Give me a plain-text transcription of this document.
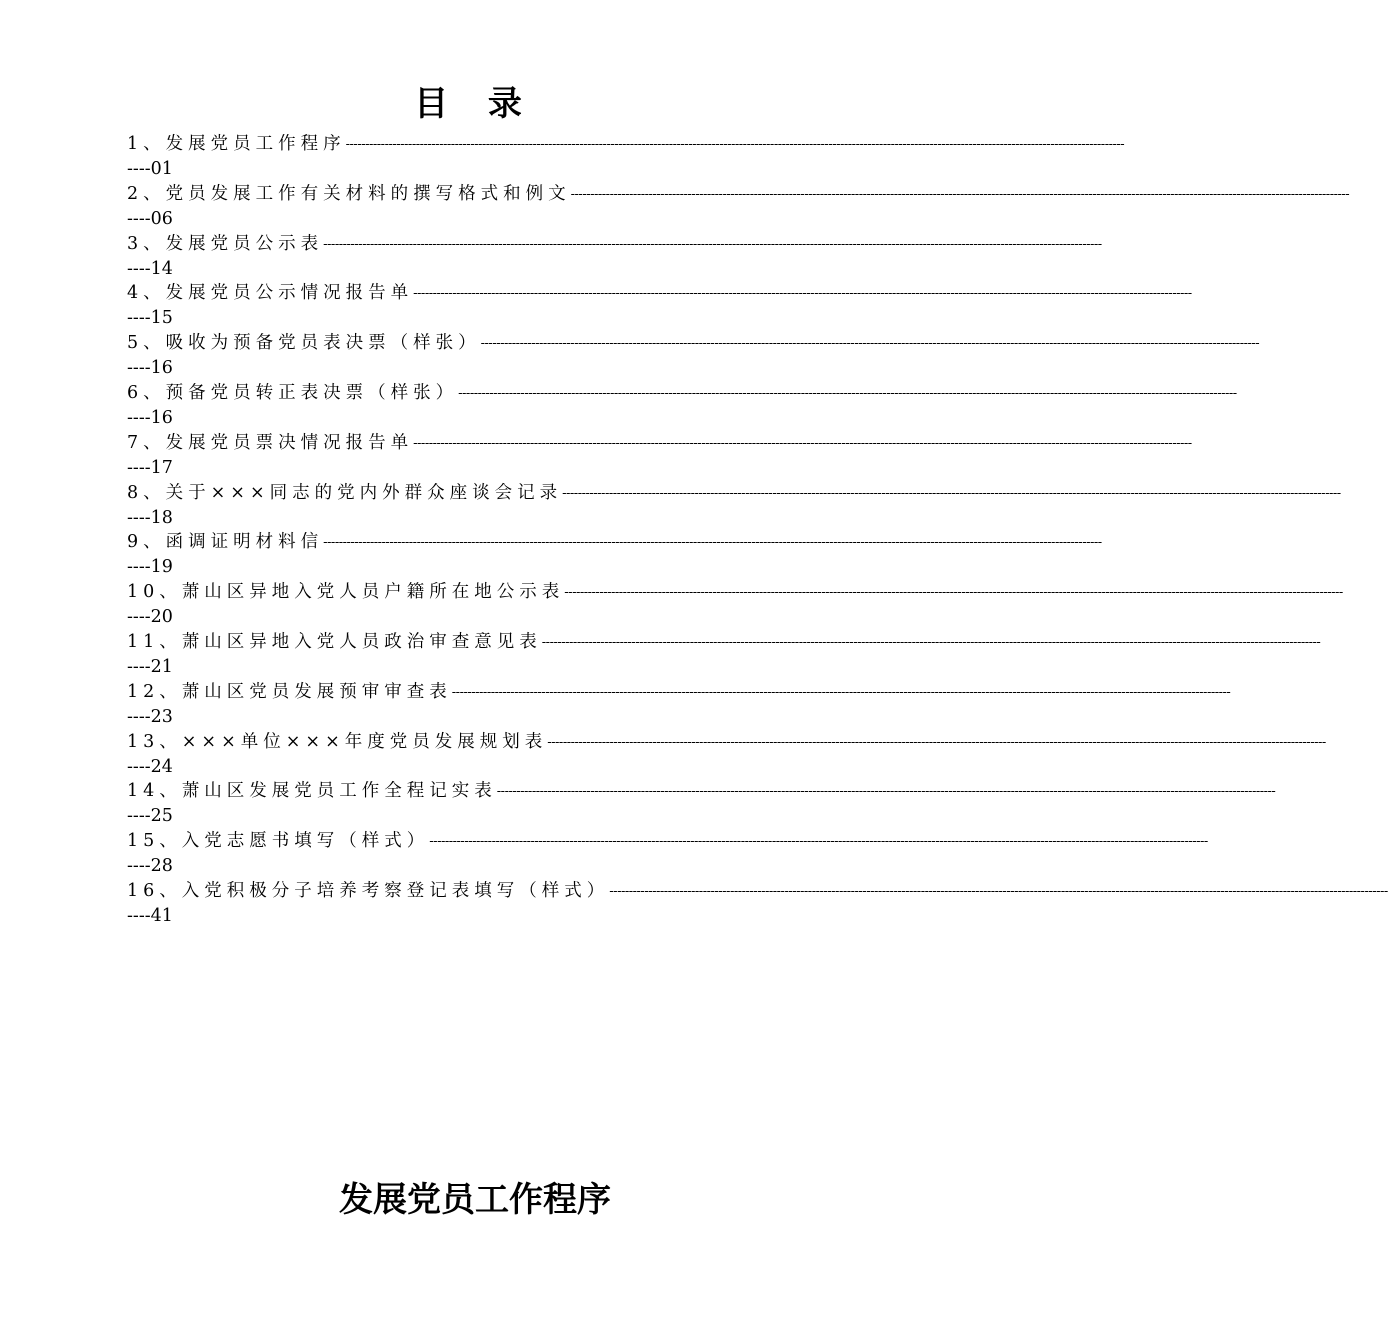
目 录
1、发展党员工作程序 --------------------------------------------------------------------------------------------------------------------------------------------------------------------------------------------------------
----01
2、党员发展工作有关材料的撰写格式和例文 --------------------------------------------------------------------------------------------------------------------------------------------------------------------------------------------------------
----06
3、发展党员公示表 --------------------------------------------------------------------------------------------------------------------------------------------------------------------------------------------------------
----14
4、发展党员公示情况报告单 --------------------------------------------------------------------------------------------------------------------------------------------------------------------------------------------------------
----15
5、吸收为预备党员表决票（样张） --------------------------------------------------------------------------------------------------------------------------------------------------------------------------------------------------------
----16
6、预备党员转正表决票（样张） --------------------------------------------------------------------------------------------------------------------------------------------------------------------------------------------------------
----16
7、发展党员票决情况报告单 --------------------------------------------------------------------------------------------------------------------------------------------------------------------------------------------------------
----17
8、关于×××同志的党内外群众座谈会记录 --------------------------------------------------------------------------------------------------------------------------------------------------------------------------------------------------------
----18
9、函调证明材料信 --------------------------------------------------------------------------------------------------------------------------------------------------------------------------------------------------------
----19
10、萧山区异地入党人员户籍所在地公示表 --------------------------------------------------------------------------------------------------------------------------------------------------------------------------------------------------------
----20
11、萧山区异地入党人员政治审查意见表 --------------------------------------------------------------------------------------------------------------------------------------------------------------------------------------------------------
----21
12、萧山区党员发展预审审查表 --------------------------------------------------------------------------------------------------------------------------------------------------------------------------------------------------------
----23
13、×××单位×××年度党员发展规划表 --------------------------------------------------------------------------------------------------------------------------------------------------------------------------------------------------------
----24
14、萧山区发展党员工作全程记实表 --------------------------------------------------------------------------------------------------------------------------------------------------------------------------------------------------------
----25
15、入党志愿书填写（样式） --------------------------------------------------------------------------------------------------------------------------------------------------------------------------------------------------------
----28
16、入党积极分子培养考察登记表填写（样式） --------------------------------------------------------------------------------------------------------------------------------------------------------------------------------------------------------
----41
发展党员工作程序
